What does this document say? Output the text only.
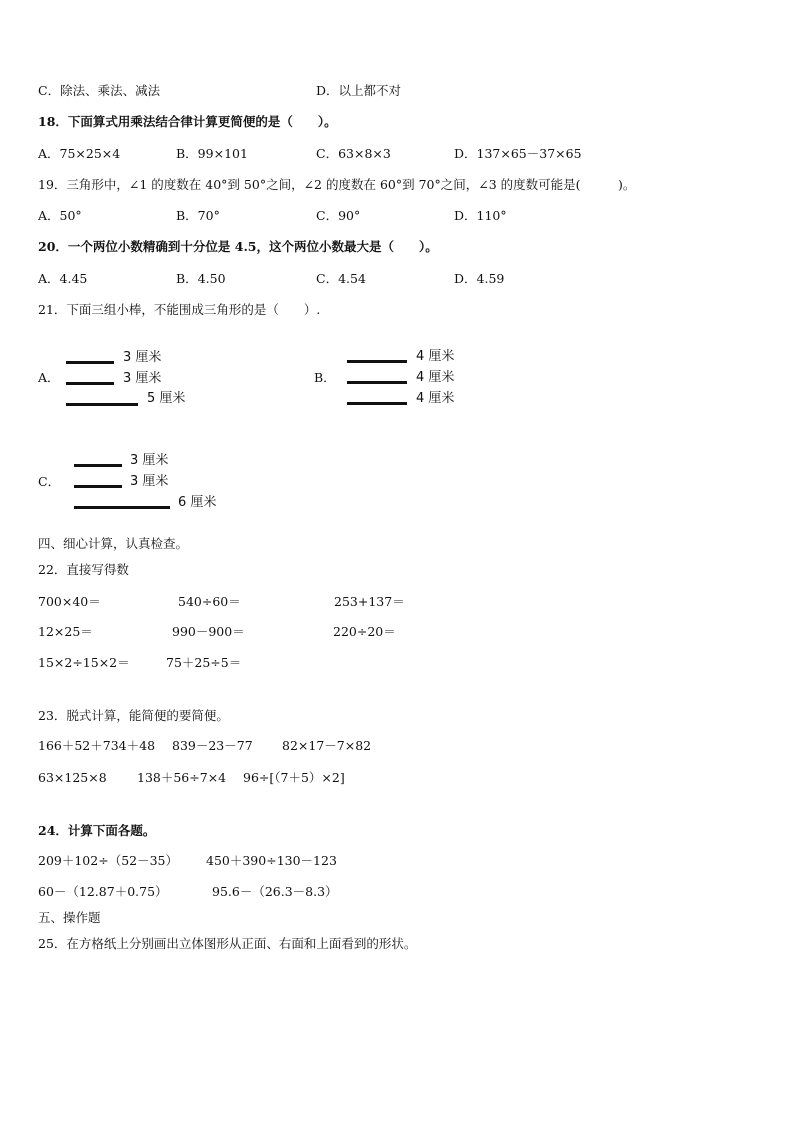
C．除法、乘法、减法	D．以上都不对
18．下面算式用乘法结合律计算更简便的是（　　）。
A．75×25×4	B．99×101	C．63×8×3	D．137×65－37×65
19．三角形中，∠1 的度数在 40°到 50°之间，∠2 的度数在 60°到 70°之间，∠3 的度数可能是(　　　)。
A．50°	B．70°	C．90°	D．110°
20．一个两位小数精确到十分位是 4.5，这个两位小数最大是（　　）。
A．4.45	B．4.50	C．4.54	D．4.59
21．下面三组小棒，不能围成三角形的是（　　）.
A．
3 厘米
3 厘米
5 厘米
B．
4 厘米
4 厘米
4 厘米
C．
3 厘米
3 厘米
6 厘米
四、细心计算，认真检查。
22．直接写得数
700×40＝	540÷60＝	253+137＝
12×25＝	990－900＝	220÷20＝
15×2÷15×2＝	75＋25÷5＝
23．脱式计算，能简便的要简便。
166＋52＋734＋48 839－23－77 82×17－7×82
63×125×8 138＋56÷7×4 96÷[（7＋5）×2]
24．计算下面各题。
209＋102÷（52－35） 450＋390÷130－123
60－（12.87＋0.75）	95.6－（26.3－8.3）
五、操作题
25．在方格纸上分别画出立体图形从正面、右面和上面看到的形状。
